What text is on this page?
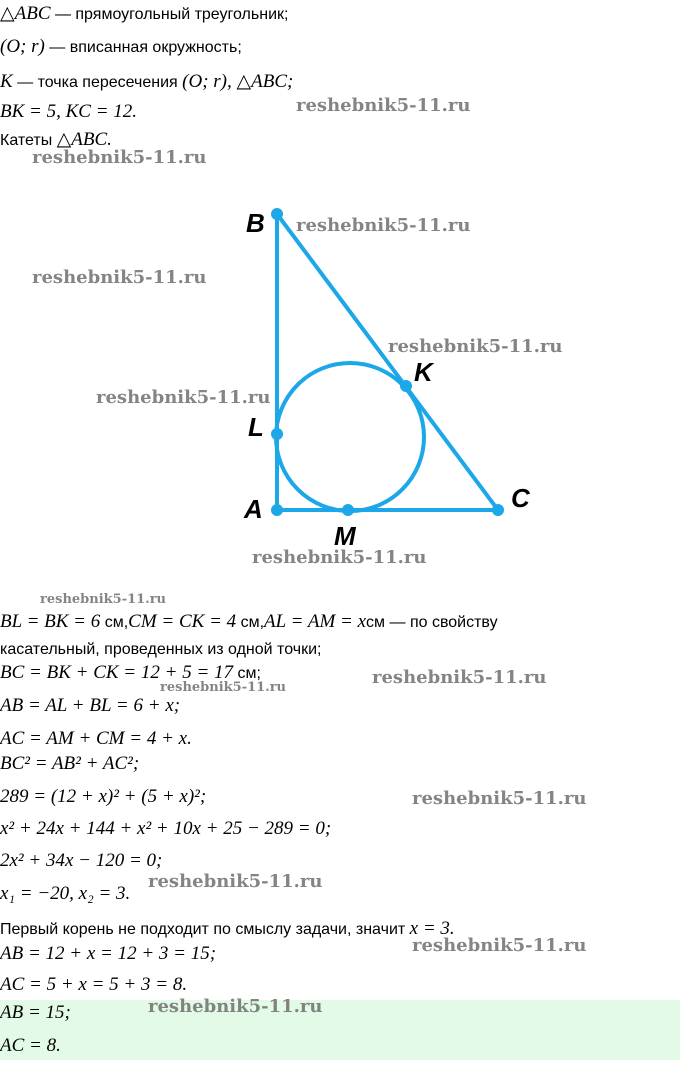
△ABC — прямоугольный треугольник;
(O; r) — вписанная окружность;
K — точка пересечения (O; r), △ABC;
BK = 5, KC = 12.
Катеты △ABC.
B
K
L
A
M
C
BL = BK = 6 см,CM = CK = 4 см,AL = AM = xсм — по свойству
касательный, проведенных из одной точки;
BC = BK + CK = 12 + 5 = 17 см;
AB = AL + BL = 6 + x;
AC = AM + CM = 4 + x.
BC² = AB² + AC²;
289 = (12 + x)² + (5 + x)²;
x² + 24x + 144 + x² + 10x + 25 − 289 = 0;
2x² + 34x − 120 = 0;
x₁ = −20, x₂ = 3.
Первый корень не подходит по смыслу задачи, значит x = 3.
AB = 12 + x = 12 + 3 = 15;
AC = 5 + x = 5 + 3 = 8.
AB = 15;
AC = 8.
reshebnik5-11.ru
reshebnik5-11.ru
reshebnik5-11.ru
reshebnik5-11.ru
reshebnik5-11.ru
reshebnik5-11.ru
reshebnik5-11.ru
reshebnik5-11.ru
reshebnik5-11.ru	reshebnik5-11.ru
reshebnik5-11.ru
reshebnik5-11.ru
reshebnik5-11.ru
reshebnik5-11.ru
